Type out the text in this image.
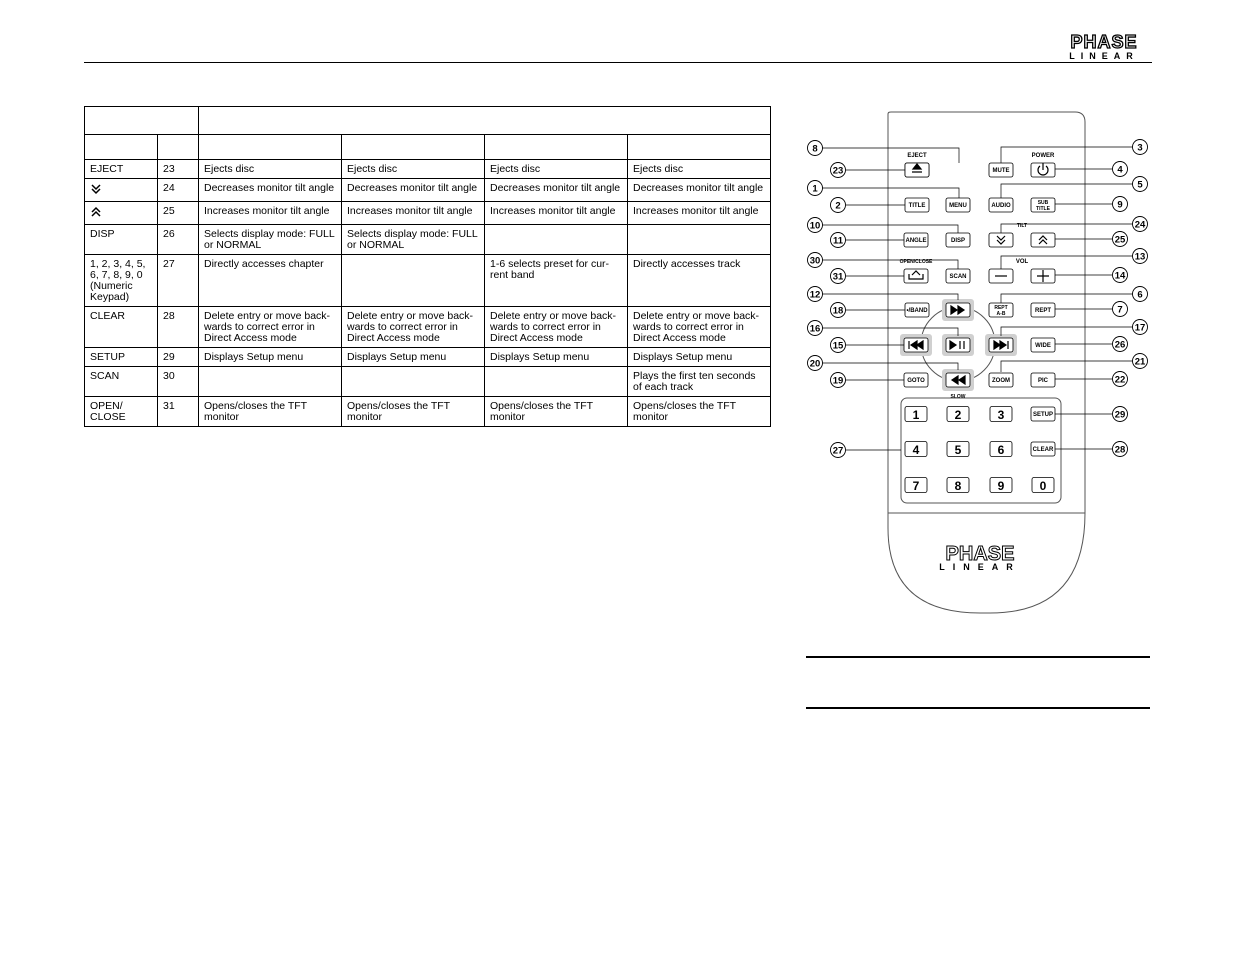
PHASE
LINEAR

EJECT	23	Ejects disc	Ejects disc	Ejects disc	Ejects disc
	24	Decreases monitor tilt angle	Decreases monitor tilt angle	Decreases monitor tilt angle	Decreases monitor tilt angle
	25	Increases monitor tilt angle	Increases monitor tilt angle	Increases monitor tilt angle	Increases monitor tilt angle
DISP	26	Selects display mode: FULL or NORMAL	Selects display mode: FULL or NORMAL		
1, 2, 3, 4, 5, 6, 7, 8, 9, 0 (Numeric Keypad)	27	Directly accesses chapter		1-6 selects preset for cur-rent band	Directly accesses track
CLEAR	28	Delete entry or move back-wards to correct error in Direct Access mode	Delete entry or move back-wards to correct error in Direct Access mode	Delete entry or move back-wards to correct error in Direct Access mode	Delete entry or move back-wards to correct error in Direct Access mode
SETUP	29	Displays Setup menu	Displays Setup menu	Displays Setup menu	Displays Setup menu
SCAN	30				Plays the first ten seconds of each track
OPEN/ CLOSE	31	Opens/closes the TFT monitor	Opens/closes the TFT monitor	Opens/closes the TFT monitor	Opens/closes the TFT monitor
PHASE
LINEAR
MUTE
TITLE	MENU	AUDIO
ANGLE	DISP
SCAN
•/BAND	REPT
WIDE
GOTO	ZOOM	PIC
SETUP
CLEAR
SUB
TITLE
REPT
A-B
1	2	3
4	5	6
7	8	9	0
EJECT	POWER
TILT
OPEN/CLOSE	VOL
SLOW
8
23
1
2
10
11
30
31
12
18
16
15
20
19
27
3
4
5
9
24
25
13
14
6
7
17
26
21
22
29
28
